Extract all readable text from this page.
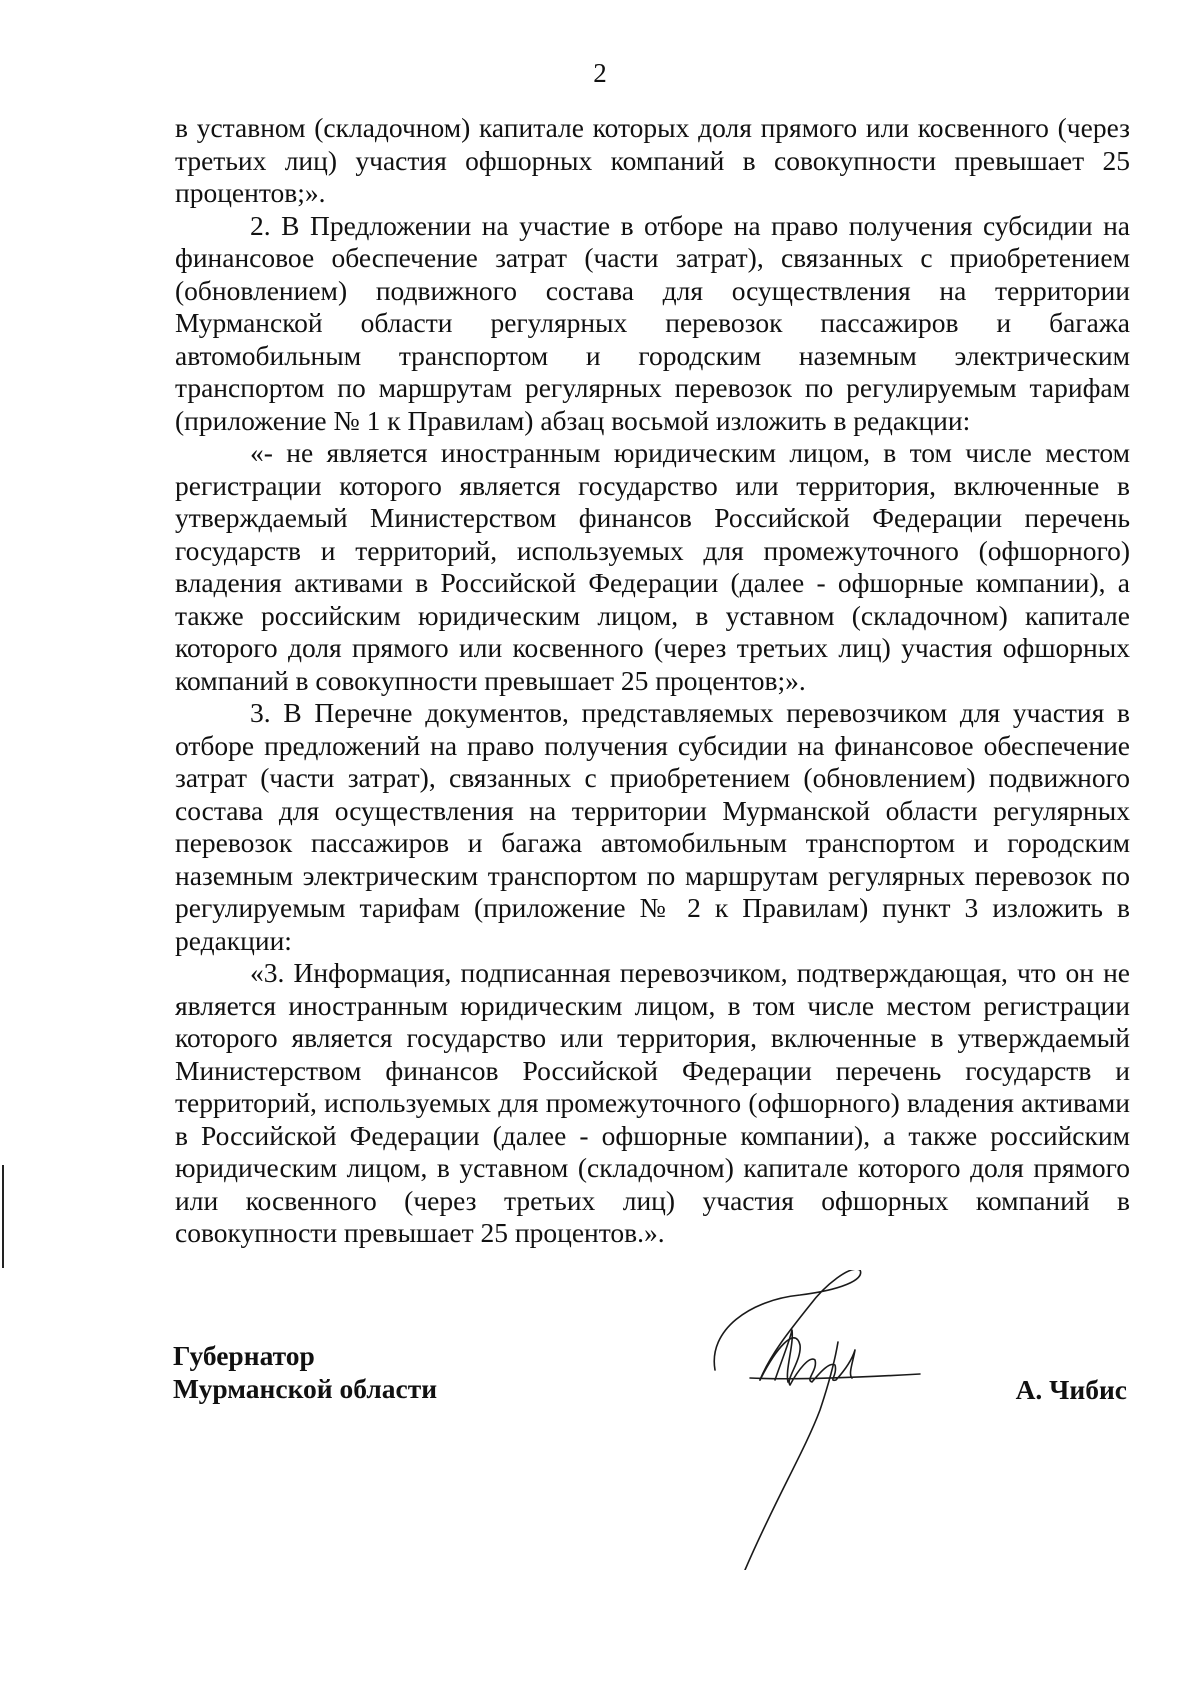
2

в уставном (складочном) капитале которых доля прямого или косвенного (через третьих лиц) участия офшорных компаний в совокупности превышает 25 процентов;».

2. В Предложении на участие в отборе на право получения субсидии на финансовое обеспечение затрат (части затрат), связанных с приобретением (обновлением) подвижного состава для осуществления на территории Мурманской области регулярных перевозок пассажиров и багажа автомобильным транспортом и городским наземным электрическим транспортом по маршрутам регулярных перевозок по регулируемым тарифам (приложение № 1 к Правилам) абзац восьмой изложить в редакции:

«- не является иностранным юридическим лицом, в том числе местом регистрации которого является государство или территория, включенные в утверждаемый Министерством финансов Российской Федерации перечень государств и территорий, используемых для промежуточного (офшорного) владения активами в Российской Федерации (далее - офшорные компании), а также российским юридическим лицом, в уставном (складочном) капитале которого доля прямого или косвенного (через третьих лиц) участия офшорных компаний в совокупности превышает 25 процентов;».

3. В Перечне документов, представляемых перевозчиком для участия в отборе предложений на право получения субсидии на финансовое обеспечение затрат (части затрат), связанных с приобретением (обновлением) подвижного состава для осуществления на территории Мурманской области регулярных перевозок пассажиров и багажа автомобильным транспортом и городским наземным электрическим транспортом по маршрутам регулярных перевозок по регулируемым тарифам (приложение № 2 к Правилам) пункт 3 изложить в редакции:

«3. Информация, подписанная перевозчиком, подтверждающая, что он не является иностранным юридическим лицом, в том числе местом регистрации которого является государство или территория, включенные в утверждаемый Министерством финансов Российской Федерации перечень государств и территорий, используемых для промежуточного (офшорного) владения активами в Российской Федерации (далее - офшорные компании), а также российским юридическим лицом, в уставном (складочном) капитале которого доля прямого или косвенного (через третьих лиц) участия офшорных компаний в совокупности превышает 25 процентов.».

Губернатор
Мурманской области	А. Чибис
